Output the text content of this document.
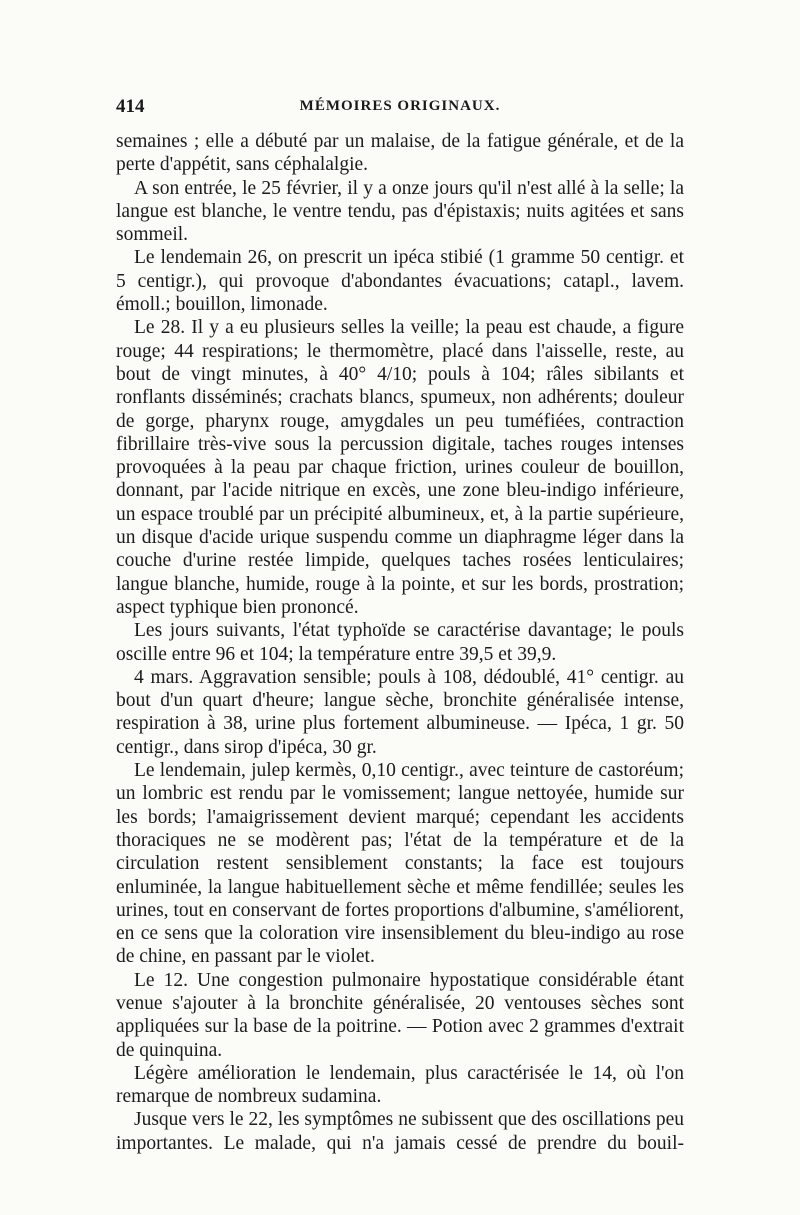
414	MÉMOIRES ORIGINAUX.

semaines ; elle a débuté par un malaise, de la fatigue générale, et de la perte d'appétit, sans céphalalgie.

A son entrée, le 25 février, il y a onze jours qu'il n'est allé à la selle; la langue est blanche, le ventre tendu, pas d'épistaxis; nuits agitées et sans sommeil.

Le lendemain 26, on prescrit un ipéca stibié (1 gramme 50 centigr. et 5 centigr.), qui provoque d'abondantes évacuations; catapl., lavem. émoll.; bouillon, limonade.

Le 28. Il y a eu plusieurs selles la veille; la peau est chaude, a figure rouge; 44 respirations; le thermomètre, placé dans l'aisselle, reste, au bout de vingt minutes, à 40° 4/10; pouls à 104; râles sibilants et ronflants disséminés; crachats blancs, spumeux, non adhérents; douleur de gorge, pharynx rouge, amygdales un peu tuméfiées, contraction fibrillaire très-vive sous la percussion digitale, taches rouges intenses provoquées à la peau par chaque friction, urines couleur de bouillon, donnant, par l'acide nitrique en excès, une zone bleu-indigo inférieure, un espace troublé par un précipité albumineux, et, à la partie supérieure, un disque d'acide urique suspendu comme un diaphragme léger dans la couche d'urine restée limpide, quelques taches rosées lenticulaires; langue blanche, humide, rouge à la pointe, et sur les bords, prostration; aspect typhique bien prononcé.

Les jours suivants, l'état typhoïde se caractérise davantage; le pouls oscille entre 96 et 104; la température entre 39,5 et 39,9.

4 mars. Aggravation sensible; pouls à 108, dédoublé, 41° centigr. au bout d'un quart d'heure; langue sèche, bronchite généralisée intense, respiration à 38, urine plus fortement albumineuse. — Ipéca, 1 gr. 50 centigr., dans sirop d'ipéca, 30 gr.

Le lendemain, julep kermès, 0,10 centigr., avec teinture de castoréum; un lombric est rendu par le vomissement; langue nettoyée, humide sur les bords; l'amaigrissement devient marqué; cependant les accidents thoraciques ne se modèrent pas; l'état de la température et de la circulation restent sensiblement constants; la face est toujours enluminée, la langue habituellement sèche et même fendillée; seules les urines, tout en conservant de fortes proportions d'albumine, s'améliorent, en ce sens que la coloration vire insensiblement du bleu-indigo au rose de chine, en passant par le violet.

Le 12. Une congestion pulmonaire hypostatique considérable étant venue s'ajouter à la bronchite généralisée, 20 ventouses sèches sont appliquées sur la base de la poitrine. — Potion avec 2 grammes d'extrait de quinquina.

Légère amélioration le lendemain, plus caractérisée le 14, où l'on remarque de nombreux sudamina.

Jusque vers le 22, les symptômes ne subissent que des oscillations peu importantes. Le malade, qui n'a jamais cessé de prendre du bouil-
